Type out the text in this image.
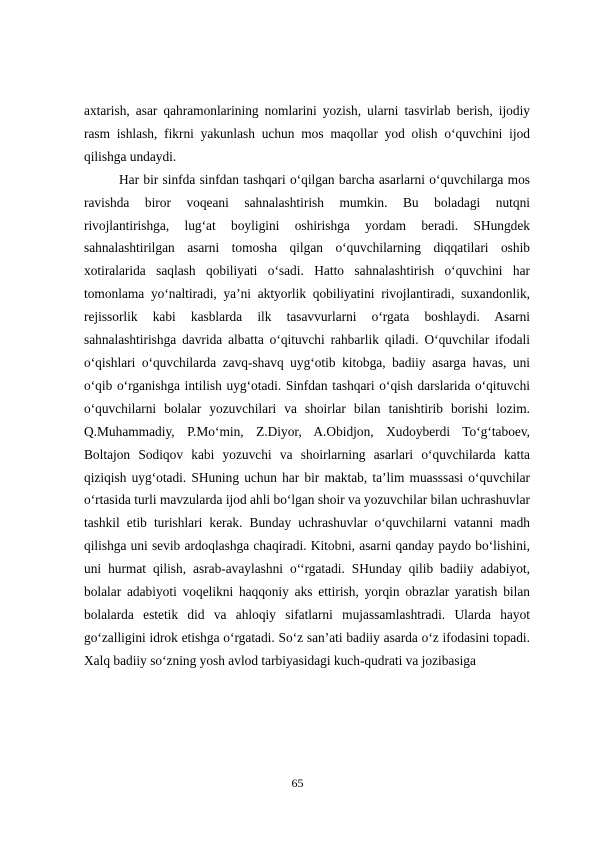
axtarish, asar qahramonlarining nomlarini yozish, ularni tasvirlab berish, ijodiy rasm ishlash, fikrni yakunlash uchun mos maqollar yod olish o‘quvchini ijod qilishga undaydi.

Har bir sinfda sinfdan tashqari o‘qilgan barcha asarlarni o‘quvchilarga mos ravishda biror voqeani sahnalashtirish mumkin. Bu boladagi nutqni rivojlantirishga, lug‘at boyligini oshirishga yordam beradi. SHungdek sahnalashtirilgan asarni tomosha qilgan o‘quvchilarning diqqatilari oshib xotiralarida saqlash qobiliyati o‘sadi. Hatto sahnalashtirish o‘quvchini har tomonlama yo‘naltiradi, ya’ni aktyorlik qobiliyatini rivojlantiradi, suxandonlik, rejissorlik kabi kasblarda ilk tasavvurlarni o‘rgata boshlaydi. Asarni sahnalashtirishga davrida albatta o‘qituvchi rahbarlik qiladi. O‘quvchilar ifodali o‘qishlari o‘quvchilarda zavq-shavq uyg‘otib kitobga, badiiy asarga havas, uni o‘qib o‘rganishga intilish uyg‘otadi. Sinfdan tashqari o‘qish darslarida o‘qituvchi o‘quvchilarni bolalar yozuvchilari va shoirlar bilan tanishtirib borishi lozim. Q.Muhammadiy, P.Mo‘min, Z.Diyor, A.Obidjon, Xudoyberdi To‘g‘taboev, Boltajon Sodiqov kabi yozuvchi va shoirlarning asarlari o‘quvchilarda katta qiziqish uyg‘otadi. SHuning uchun har bir maktab, ta’lim muasssasi o‘quvchilar o‘rtasida turli mavzularda ijod ahli bo‘lgan shoir va yozuvchilar bilan uchrashuvlar tashkil etib turishlari kerak. Bunday uchrashuvlar o‘quvchilarni vatanni madh qilishga uni sevib ardoqlashga chaqiradi. Kitobni, asarni qanday paydo bo‘lishini, uni hurmat qilish, asrab-avaylashni o‘‘rgatadi. SHunday qilib badiiy adabiyot, bolalar adabiyoti voqelikni haqqoniy aks ettirish, yorqin obrazlar yaratish bilan bolalarda estetik did va ahloqiy sifatlarni mujassamlashtradi. Ularda hayot go‘zalligini idrok etishga o‘rgatadi. So‘z san’ati badiiy asarda o‘z ifodasini topadi. Xalq badiiy so‘zning yosh avlod tarbiyasidagi kuch-qudrati va jozibasiga

65
